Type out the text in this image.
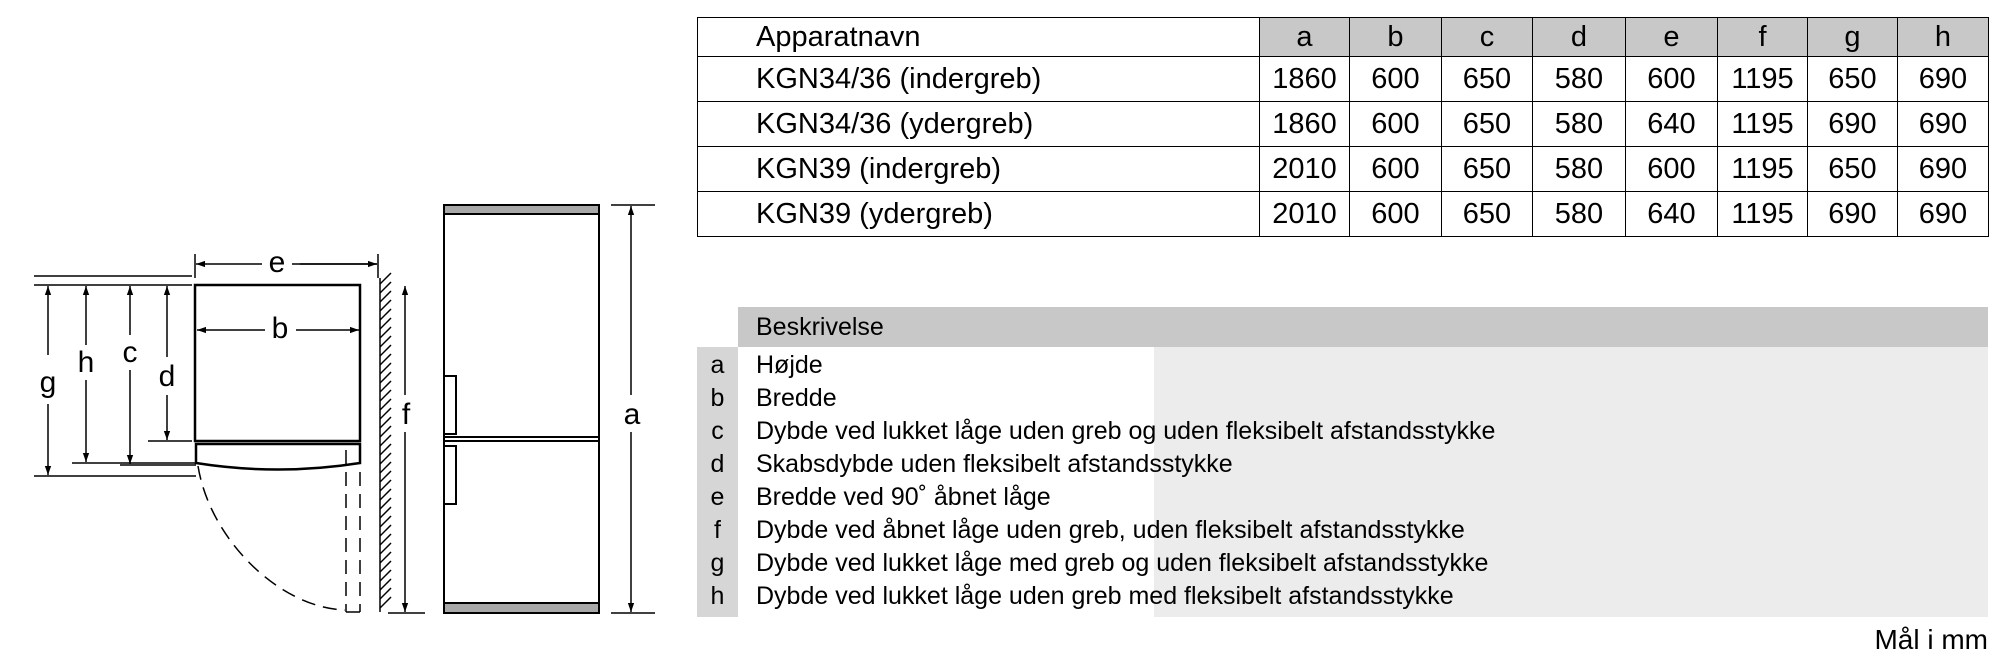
e
b
g
h c
d
f	a
Apparatnavn	a	b	c	d	e	f	g	h
KGN34/36 (indergreb)	1860	600	650	580	600	1195	650	690
KGN34/36 (ydergreb)	1860	600	650	580	640	1195	690	690
KGN39 (indergreb)	2010	600	650	580	600	1195	650	690
KGN39 (ydergreb)	2010	600	650	580	640	1195	690	690
Beskrivelse
a	Højde
b	Bredde
c	Dybde ved lukket låge uden greb og uden fleksibelt afstandsstykke
d	Skabsdybde uden fleksibelt afstandsstykke
e	Bredde ved 90˚ åbnet låge
f	Dybde ved åbnet låge uden greb, uden fleksibelt afstandsstykke
g	Dybde ved lukket låge med greb og uden fleksibelt afstandsstykke
h	Dybde ved lukket låge uden greb med fleksibelt afstandsstykke
Mål i mm
